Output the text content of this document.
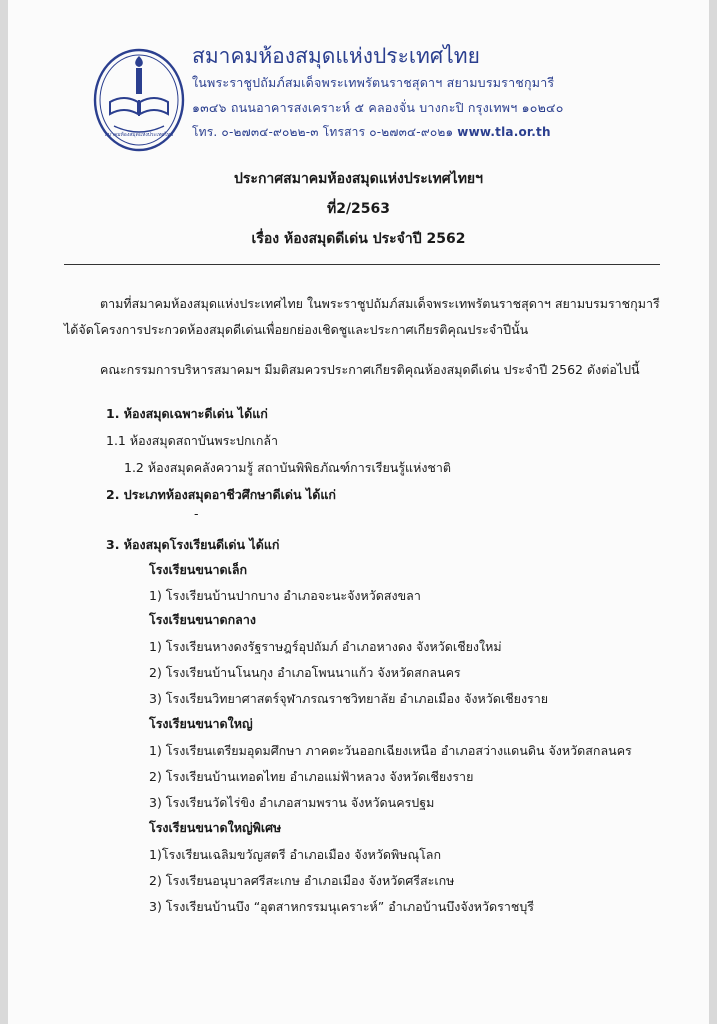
สมาคมห้องสมุดแห่งประเทศไทย
สมาคมห้องสมุดแห่งประเทศไทย
ในพระราชูปถัมภ์สมเด็จพระเทพรัตนราชสุดาฯ สยามบรมราชกุมารี
๑๓๔๖ ถนนอาคารสงเคราะห์ ๕ คลองจั่น บางกะปิ กรุงเทพฯ ๑๐๒๔๐
โทร. ๐-๒๗๓๔-๙๐๒๒-๓ โทรสาร ๐-๒๗๓๔-๙๐๒๑ www.tla.or.th
ประกาศสมาคมห้องสมุดแห่งประเทศไทยฯ
ที่2/2563
เรื่อง ห้องสมุดดีเด่น ประจำปี 2562
ตามที่สมาคมห้องสมุดแห่งประเทศไทย ในพระราชูปถัมภ์สมเด็จพระเทพรัตนราชสุดาฯ สยามบรมราชกุมารี
ได้จัดโครงการประกวดห้องสมุดดีเด่นเพื่อยกย่องเชิดชูและประกาศเกียรติคุณประจำปีนั้น
คณะกรรมการบริหารสมาคมฯ มีมติสมควรประกาศเกียรติคุณห้องสมุดดีเด่น ประจำปี 2562 ดังต่อไปนี้
1. ห้องสมุดเฉพาะดีเด่น ได้แก่
1.1 ห้องสมุดสถาบันพระปกเกล้า
1.2 ห้องสมุดคลังความรู้ สถาบันพิพิธภัณฑ์การเรียนรู้แห่งชาติ
2. ประเภทห้องสมุดอาชีวศึกษาดีเด่น ได้แก่
-
3. ห้องสมุดโรงเรียนดีเด่น ได้แก่
โรงเรียนขนาดเล็ก
1) โรงเรียนบ้านปากบาง อำเภอจะนะจังหวัดสงขลา
โรงเรียนขนาดกลาง
1) โรงเรียนหางดงรัฐราษฎร์อุปถัมภ์ อำเภอหางดง จังหวัดเชียงใหม่
2) โรงเรียนบ้านโนนกุง อำเภอโพนนาแก้ว จังหวัดสกลนคร
3) โรงเรียนวิทยาศาสตร์จุฬาภรณราชวิทยาลัย อำเภอเมือง จังหวัดเชียงราย
โรงเรียนขนาดใหญ่
1) โรงเรียนเตรียมอุดมศึกษา ภาคตะวันออกเฉียงเหนือ อำเภอสว่างแดนดิน จังหวัดสกลนคร
2) โรงเรียนบ้านเทอดไทย อำเภอแม่ฟ้าหลวง จังหวัดเชียงราย
3) โรงเรียนวัดไร่ขิง อำเภอสามพราน จังหวัดนครปฐม
โรงเรียนขนาดใหญ่พิเศษ
1)โรงเรียนเฉลิมขวัญสตรี อำเภอเมือง จังหวัดพิษณุโลก
2) โรงเรียนอนุบาลศรีสะเกษ อำเภอเมือง จังหวัดศรีสะเกษ
3) โรงเรียนบ้านบึง “อุตสาหกรรมนุเคราะห์” อำเภอบ้านบึงจังหวัดราชบุรี
